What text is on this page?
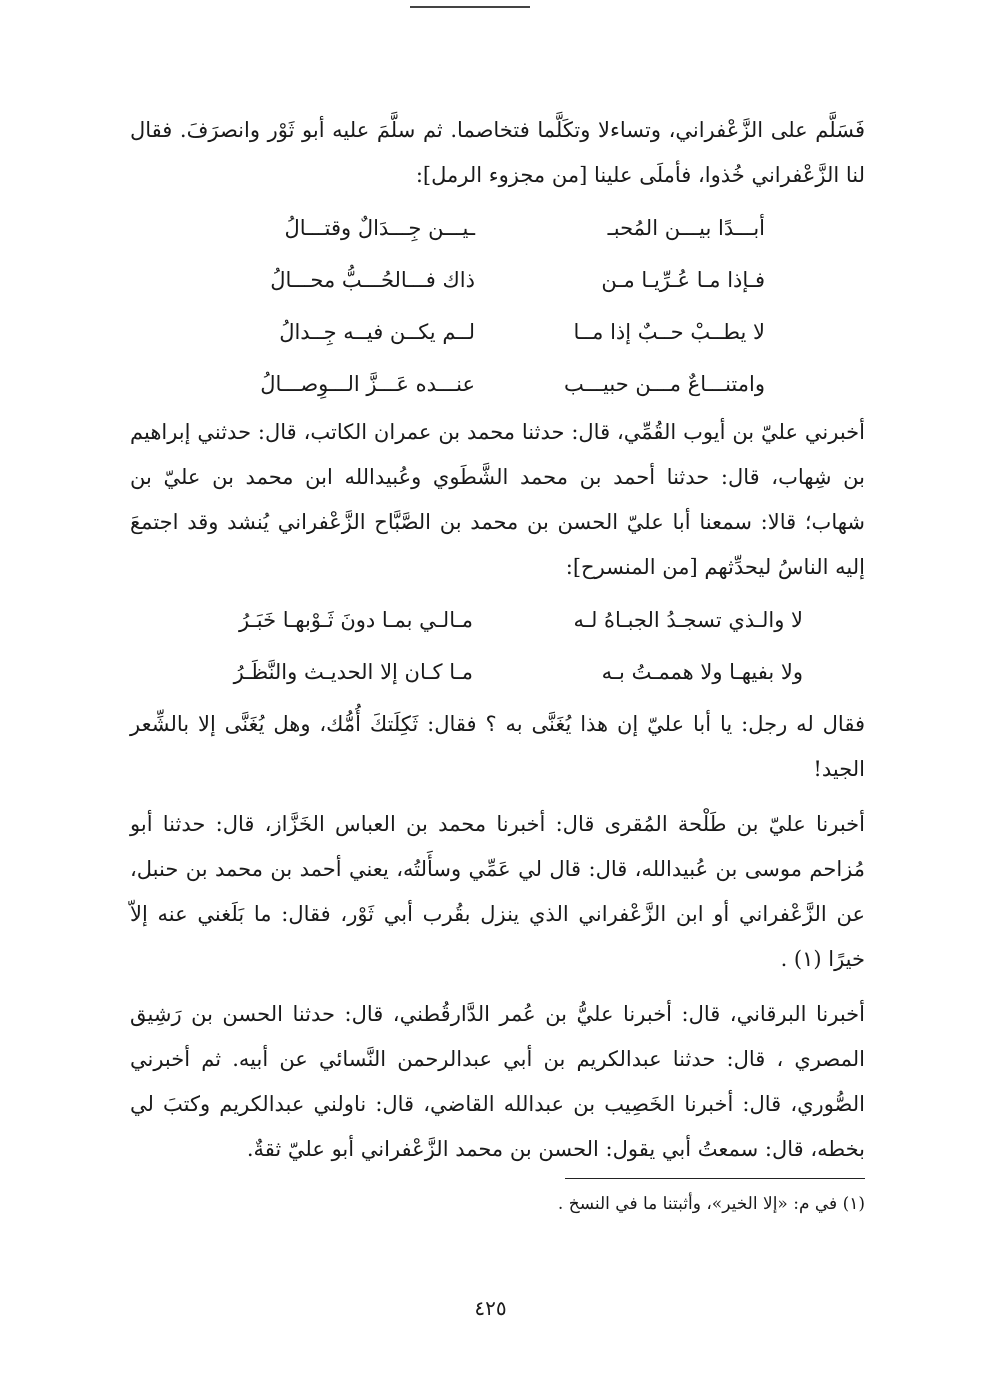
فَسَلَّم على الزَّعْفراني، وتساءلا وتكَلَّما فتخاصما. ثم سلَّمَ عليه أبو ثَوْر وانصرَفَ. فقال لنا الزَّعْفراني خُذوا، فأملَى علينا [من مجزوء الرمل]:

أبـــدًا بيـــن المُحبـ
ـيـــن جِـــدَالٌ وقتـــالُ
فـإذا مـا عُـرِّيـا مـن
ذاك فـــالحُـــبُّ محـــالُ
لا يطــبْ حــبٌ إذا مــا
لــم يكــن فيــه جِــدالُ
وامتنـــاعٌ مـــن حبيـــب
عنـــده عَـــزَّ الـــوِصـــالُ

أخبرني عليّ بن أيوب القُمِّي، قال: حدثنا محمد بن عمران الكاتب، قال: حدثني إبراهيم بن شِهاب، قال: حدثنا أحمد بن محمد الشَّطَوي وعُبيدالله ابن محمد بن عليّ بن شهاب؛ قالا: سمعنا أبا عليّ الحسن بن محمد بن الصَّبَّاح الزَّعْفراني يُنشد وقد اجتمعَ إليه الناسُ ليحدِّثهم [من المنسرح]:

لا والـذي تسجـدُ الجبـاهُ لـه
مـالـي بمـا دونَ ثَـوْبهـا خَبَـرُ
ولا بفيهـا ولا هممـتُ بـه
مـا كـان إلا الحديـث والنَّظَـرُ

فقال له رجل: يا أبا عليّ إن هذا يُغَنَّى به ؟ فقال: ثَكِلَتكَ أُمُّك، وهل يُغَنَّى إلا بالشِّعر الجيد!

أخبرنا عليّ بن طَلْحة المُقرى قال: أخبرنا محمد بن العباس الخَزَّاز، قال: حدثنا أبو مُزاحم موسى بن عُبيدالله، قال: قال لي عَمِّي وسأَلتُه، يعني أحمد بن محمد بن حنبل، عن الزَّعْفراني أو ابن الزَّعْفراني الذي ينزل بقُرب أبي ثَوْر، فقال: ما بَلَغني عنه إلاّ خيرًا (١) .

أخبرنا البرقاني، قال: أخبرنا عليُّ بن عُمر الدَّارقُطني، قال: حدثنا الحسن بن رَشِيق المصري ، قال: حدثنا عبدالكريم بن أبي عبدالرحمن النَّسائي عن أبيه. ثم أخبرني الصُّوري، قال: أخبرنا الخَصِيب بن عبدالله القاضي، قال: ناولني عبدالكريم وكتبَ لي بخطه، قال: سمعتُ أبي يقول: الحسن بن محمد الزَّعْفراني أبو عليّ ثقةٌ.

(١) في م: «إلا الخير»، وأثبتنا ما في النسخ .

٤٢٥
